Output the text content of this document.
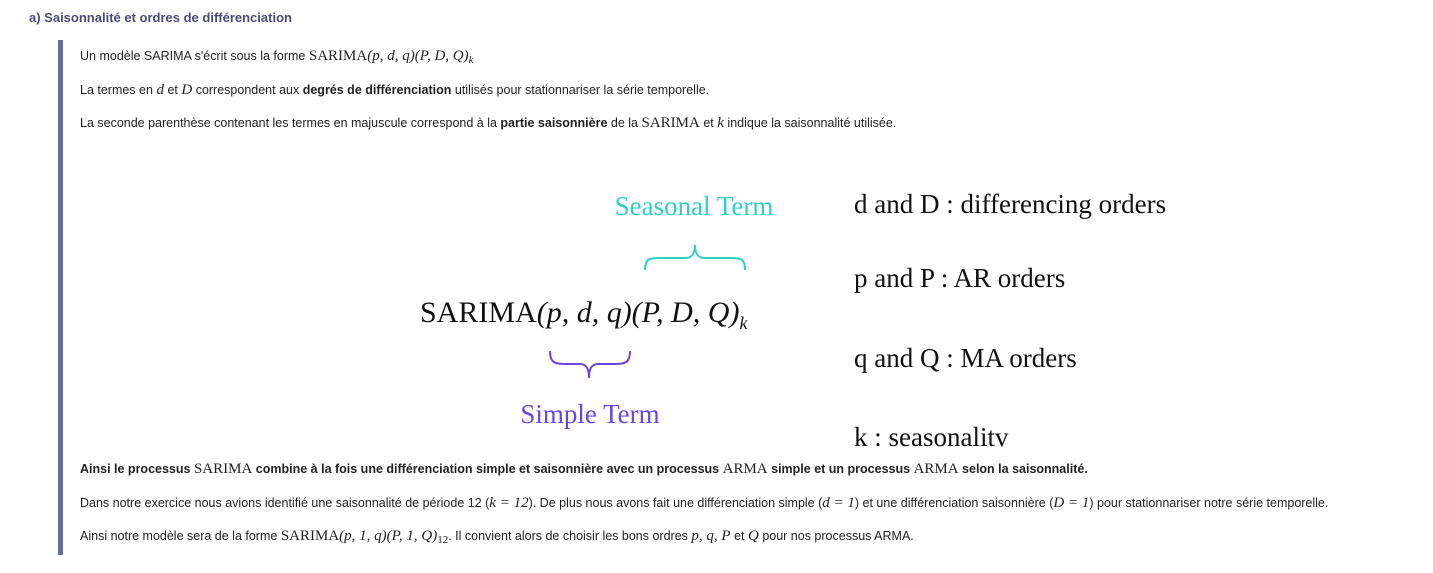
a) Saisonnalité et ordres de différenciation
Un modèle SARIMA s'écrit sous la forme SARIMA(p, d, q)(P, D, Q)k
La termes en d et D correspondent aux degrés de différenciation utilisés pour stationnariser la série temporelle.
La seconde parenthèse contenant les termes en majuscule correspond à la partie saisonnière de la SARIMA et k indique la saisonnalité utilisée.
Seasonal Term
SARIMA(p, d, q)(P, D, $Q)_k$
Simple Term
d and D : differencing orders
p and P : AR orders
q and Q : MA orders
k : seasonalitv
Ainsi le processus SARIMA combine à la fois une différenciation simple et saisonnière avec un processus ARMA simple et un processus ARMA selon la saisonnalité.
Dans notre exercice nous avions identifié une saisonnalité de période 12 (k = 12). De plus nous avons fait une différenciation simple (d = 1) et une différenciation saisonnière (D = 1) pour stationnariser notre série temporelle.
Ainsi notre modèle sera de la forme SARIMA(p, 1, q)(P, 1, Q)12. Il convient alors de choisir les bons ordres p, q, P et Q pour nos processus ARMA.
